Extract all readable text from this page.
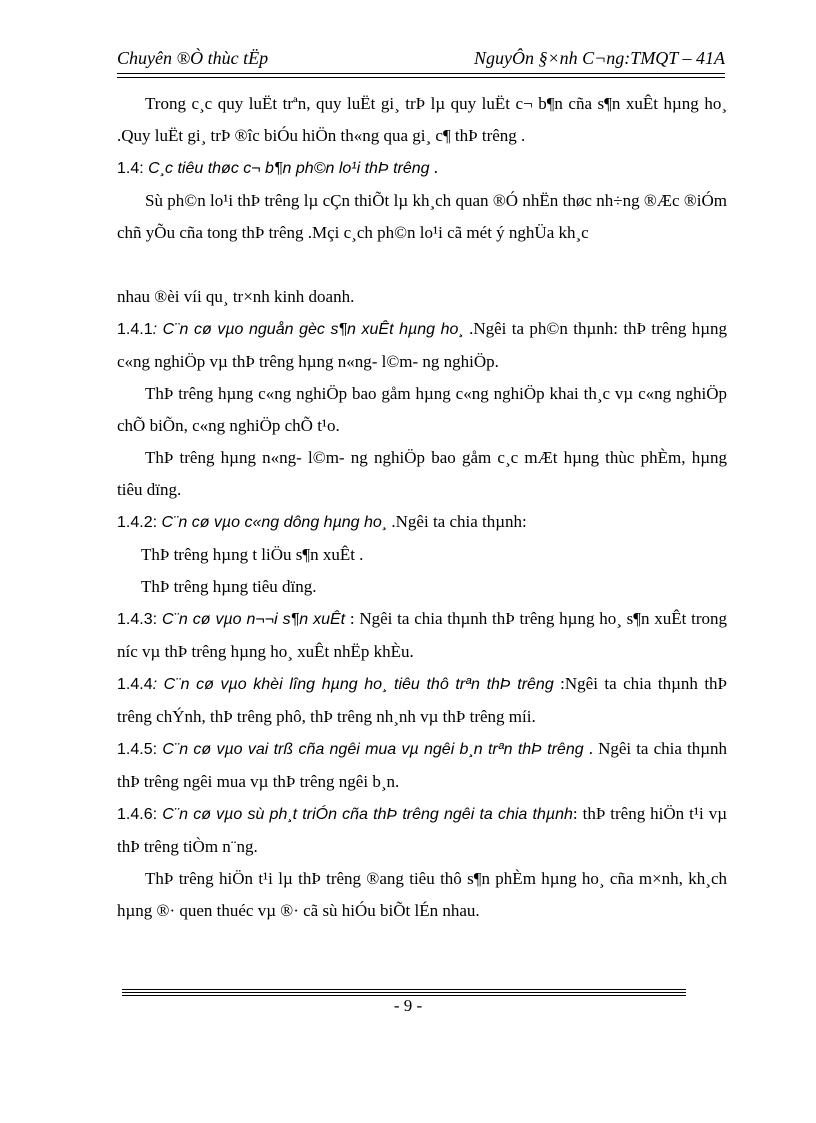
Chuyên ®Ò thùc tËp	NguyÔn §×nh C¬ng:TMQT – 41A

Trong c¸c quy luËt trªn, quy luËt gi¸ trÞ lµ quy luËt c¬ b¶n cña s¶n xuÊt hµng ho¸ .Quy luËt gi¸ trÞ ®îc biÓu hiÖn th«ng qua gi¸ c¶ thÞ trêng .

1.4: C¸c tiêu thøc c¬ b¶n ph©n lo¹i thÞ trêng .

Sù ph©n lo¹i thÞ trêng lµ cÇn thiÕt lµ kh¸ch quan ®Ó nhËn thøc nh÷ng ®Æc ®iÓm chñ yÕu cña tong thÞ trêng .Mçi c¸ch ph©n lo¹i cã mét ý nghÜa kh¸c

nhau ®èi víi qu¸ tr×nh kinh doanh.

1.4.1: C¨n cø vµo nguån gèc s¶n xuÊt hµng ho¸ .Ngêi ta ph©n thµnh: thÞ trêng hµng c«ng nghiÖp vµ thÞ trêng hµng n«ng- l©m- ng nghiÖp.

ThÞ trêng hµng c«ng nghiÖp bao gåm hµng c«ng nghiÖp khai th¸c vµ c«ng nghiÖp chÕ biÕn, c«ng nghiÖp chÕ t¹o.

ThÞ trêng hµng n«ng- l©m- ng nghiÖp bao gåm c¸c mÆt hµng thùc phÈm, hµng tiêu dïng.

1.4.2: C¨n cø vµo c«ng dông hµng ho¸ .Ngêi ta chia thµnh:

ThÞ trêng hµng t liÖu s¶n xuÊt .

ThÞ trêng hµng tiêu dïng.

1.4.3: C¨n cø vµo n¬¬i s¶n xuÊt : Ngêi ta chia thµnh thÞ trêng hµng ho¸ s¶n xuÊt trong níc vµ thÞ trêng hµng ho¸ xuÊt nhËp khÈu.

1.4.4: C¨n cø vµo khèi lîng hµng ho¸ tiêu thô trªn thÞ trêng :Ngêi ta chia thµnh thÞ trêng chÝnh, thÞ trêng phô, thÞ trêng nh¸nh vµ thÞ trêng míi.

1.4.5: C¨n cø vµo vai trß cña ngêi mua vµ ngêi b¸n trªn thÞ trêng . Ngêi ta chia thµnh thÞ trêng ngêi mua vµ thÞ trêng ngêi b¸n.

1.4.6: C¨n cø vµo sù ph¸t triÓn cña thÞ trêng ngêi ta chia thµnh: thÞ trêng hiÖn t¹i vµ thÞ trêng tiÒm n¨ng.

ThÞ trêng hiÖn t¹i lµ thÞ trêng ®ang tiêu thô s¶n phÈm hµng ho¸ cña m×nh, kh¸ch hµng ®· quen thuéc vµ ®· cã sù hiÓu biÕt lÉn nhau.

- 9 -
